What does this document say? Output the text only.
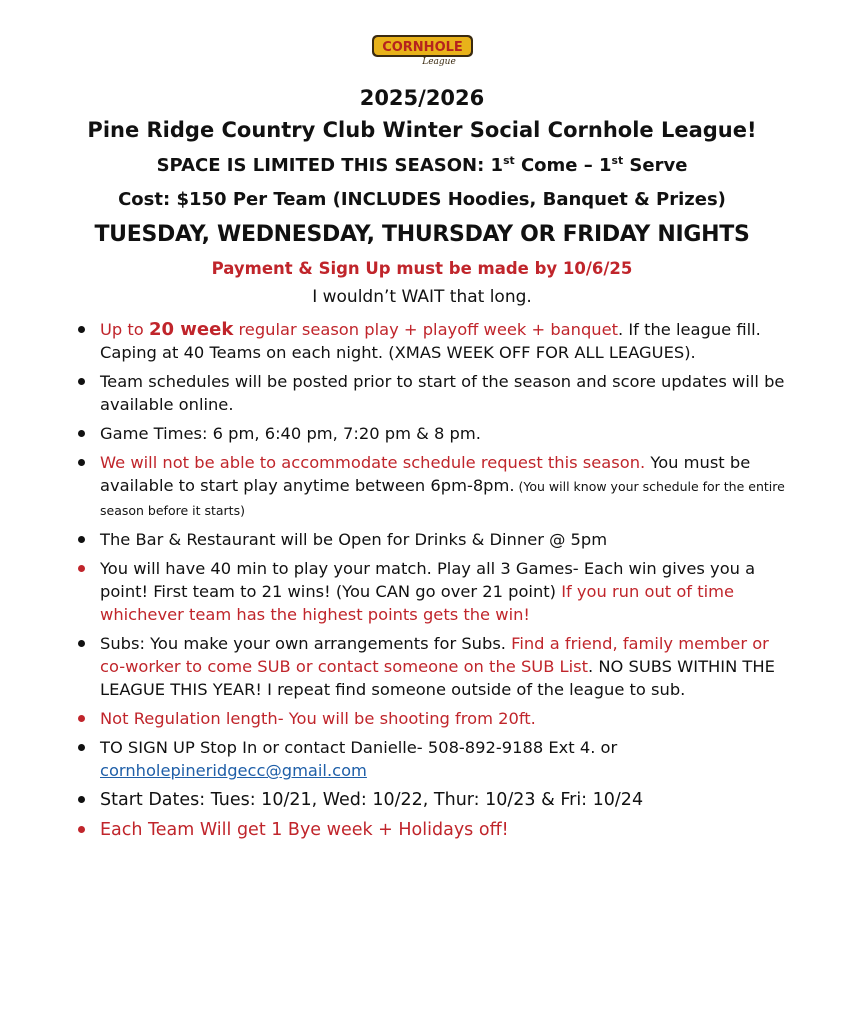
CORNHOLE
League
2025/2026
Pine Ridge Country Club Winter Social Cornhole League!
SPACE IS LIMITED THIS SEASON: 1st Come – 1st Serve
Cost: $150 Per Team (INCLUDES Hoodies, Banquet & Prizes)
TUESDAY, WEDNESDAY, THURSDAY OR FRIDAY NIGHTS
Payment & Sign Up must be made by 10/6/25
I wouldn’t WAIT that long.
Up to 20 week regular season play + playoff week + banquet. If the league fill. Caping at 40 Teams on each night. (XMAS WEEK OFF FOR ALL LEAGUES).
Team schedules will be posted prior to start of the season and score updates will be available online.
Game Times: 6 pm, 6:40 pm, 7:20 pm & 8 pm.
We will not be able to accommodate schedule request this season. You must be available to start play anytime between 6pm-8pm. (You will know your schedule for the entire season before it starts)
The Bar & Restaurant will be Open for Drinks & Dinner @ 5pm
You will have 40 min to play your match. Play all 3 Games- Each win gives you a point! First team to 21 wins! (You CAN go over 21 point) If you run out of time whichever team has the highest points gets the win!
Subs: You make your own arrangements for Subs. Find a friend, family member or co-worker to come SUB or contact someone on the SUB List. NO SUBS WITHIN THE LEAGUE THIS YEAR! I repeat find someone outside of the league to sub.
Not Regulation length- You will be shooting from 20ft.
TO SIGN UP Stop In or contact Danielle- 508-892-9188 Ext 4. or cornholepineridgecc@gmail.com
Start Dates: Tues: 10/21, Wed: 10/22, Thur: 10/23 & Fri: 10/24
Each Team Will get 1 Bye week + Holidays off!
